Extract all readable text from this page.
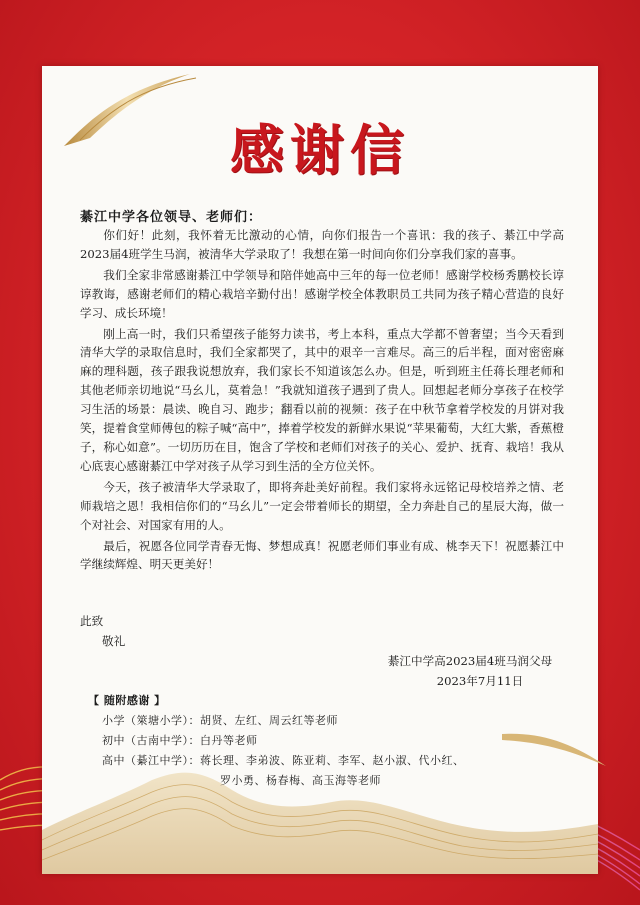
感谢信
綦江中学各位领导、老师们：

你们好！此刻，我怀着无比激动的心情，向你们报告一个喜讯：我的孩子、綦江中学高2023届4班学生马润，被清华大学录取了！我想在第一时间向你们分享我们家的喜事。

我们全家非常感谢綦江中学领导和陪伴她高中三年的每一位老师！感谢学校杨秀鹏校长谆谆教诲，感谢老师们的精心栽培辛勤付出！感谢学校全体教职员工共同为孩子精心营造的良好学习、成长环境！

刚上高一时，我们只希望孩子能努力读书，考上本科，重点大学都不曾奢望；当今天看到清华大学的录取信息时，我们全家都哭了，其中的艰辛一言难尽。高三的后半程，面对密密麻麻的理科题，孩子跟我说想放弃，我们家长不知道该怎么办。但是，听到班主任蒋长理老师和其他老师亲切地说“马幺儿，莫着急！”我就知道孩子遇到了贵人。回想起老师分享孩子在校学习生活的场景：晨读、晚自习、跑步；翻看以前的视频：孩子在中秋节拿着学校发的月饼对我笑，提着食堂师傅包的粽子喊“高中”，捧着学校发的新鲜水果说“苹果葡萄，大红大紫，香蕉橙子，称心如意”。一切历历在目，饱含了学校和老师们对孩子的关心、爱护、抚育、栽培！我从心底衷心感谢綦江中学对孩子从学习到生活的全方位关怀。

今天，孩子被清华大学录取了，即将奔赴美好前程。我们家将永远铭记母校培养之情、老师栽培之恩！我相信你们的“马幺儿”一定会带着师长的期望，全力奔赴自己的星辰大海，做一个对社会、对国家有用的人。

最后，祝愿各位同学青春无悔、梦想成真！祝愿老师们事业有成、桃李天下！祝愿綦江中学继续辉煌、明天更美好！

此致
敬礼
綦江中学高2023届4班马润父母
2023年7月11日
【 随附感谢 】
小学（箂塘小学）：胡贤、左红、周云红等老师
初中（古南中学）：白丹等老师
高中（綦江中学）：蒋长理、李弟波、陈亚莉、李军、赵小淑、代小红、
罗小勇、杨春梅、高玉海等老师
